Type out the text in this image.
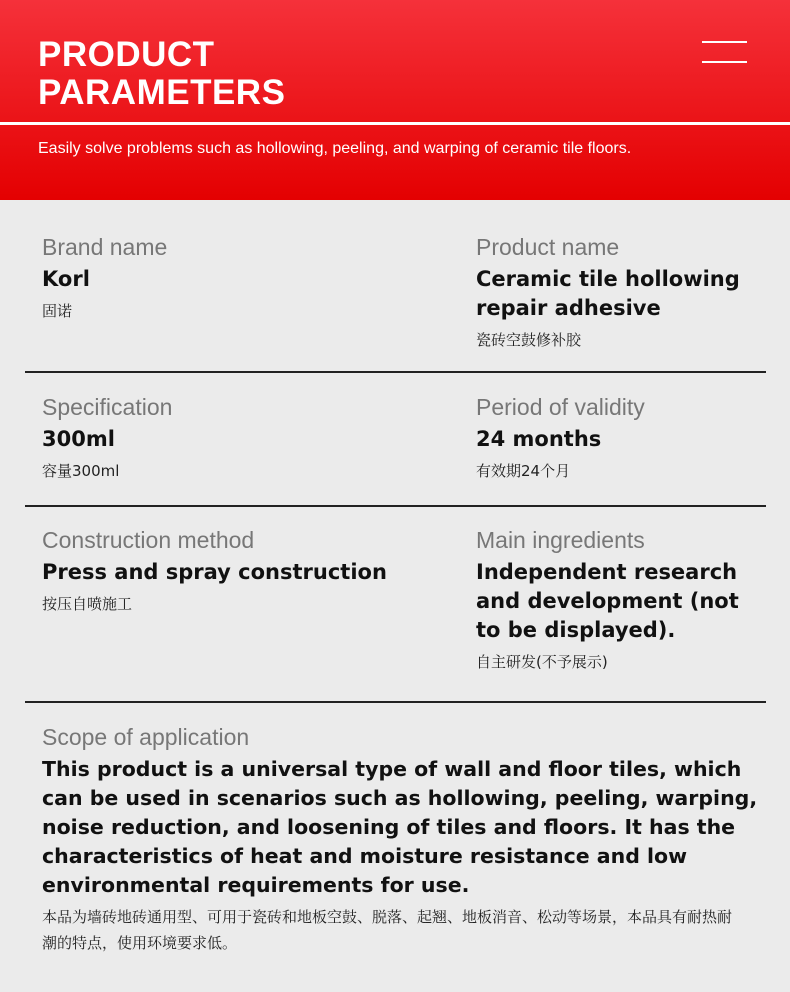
PRODUCT
PARAMETERS
Easily solve problems such as hollowing, peeling, and warping of ceramic tile floors.
Brand name
Korl
固诺
Product name
Ceramic tile hollowing repair adhesive
瓷砖空鼓修补胶
Specification
300ml
容量300ml
Period of validity
24 months
有效期24个月
Construction method
Press and spray construction
按压自喷施工
Main ingredients
Independent research and development (not to be displayed).
自主研发(不予展示)
Scope of application
This product is a universal type of wall and floor tiles, which can be used in scenarios such as hollowing, peeling, warping, noise reduction, and loosening of tiles and floors. It has the characteristics of heat and moisture resistance and low environmental requirements for use.
本品为墙砖地砖通用型、可用于瓷砖和地板空鼓、脱落、起翘、地板消音、松动等场景，本品具有耐热耐潮的特点，使用环境要求低。
